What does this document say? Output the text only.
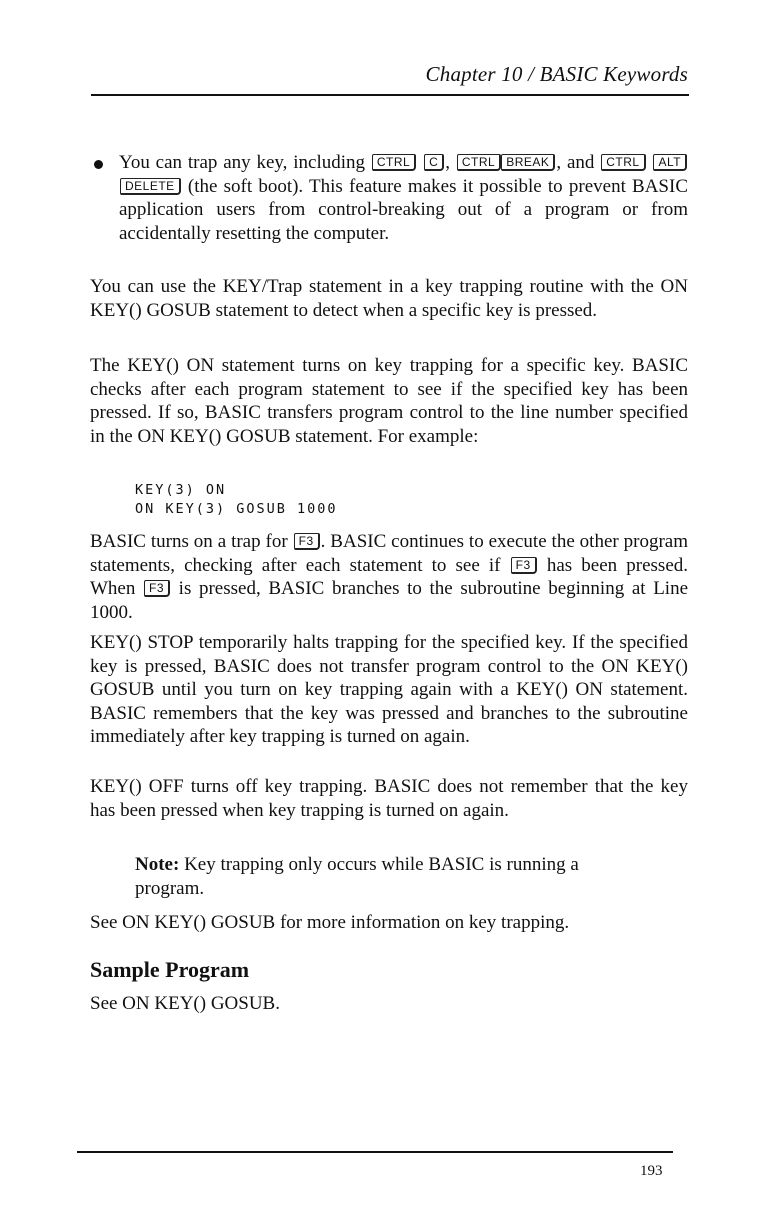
Chapter 10 / BASIC Keywords

You can trap any key, including CTRL C , CTRL BREAK , and CTRL ALT DELETE (the soft boot). This feature makes it possible to prevent BASIC application users from control-breaking out of a program or from accidentally resetting the computer.

You can use the KEY/Trap statement in a key trapping routine with the ON KEY() GOSUB statement to detect when a specific key is pressed.

The KEY() ON statement turns on key trapping for a specific key. BASIC checks after each program statement to see if the specified key has been pressed. If so, BASIC transfers program control to the line number specified in the ON KEY() GOSUB statement. For example:

KEY(3) ON
ON KEY(3) GOSUB 1000

BASIC turns on a trap for F3 . BASIC continues to execute the other program statements, checking after each statement to see if F3 has been pressed. When F3 is pressed, BASIC branches to the subroutine beginning at Line 1000.

KEY() STOP temporarily halts trapping for the specified key. If the specified key is pressed, BASIC does not transfer program control to the ON KEY() GOSUB until you turn on key trapping again with a KEY() ON statement. BASIC remembers that the key was pressed and branches to the subroutine immediately after key trapping is turned on again.

KEY() OFF turns off key trapping. BASIC does not remember that the key has been pressed when key trapping is turned on again.

Note: Key trapping only occurs while BASIC is running a program.

See ON KEY() GOSUB for more information on key trapping.

Sample Program

See ON KEY() GOSUB.

193
